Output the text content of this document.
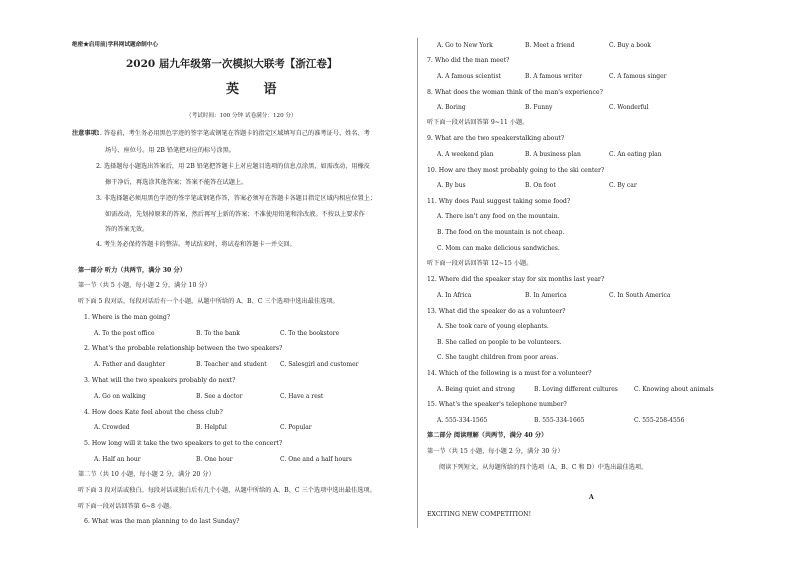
绝密★启用前|学科网试题命制中心
2020 届九年级第一次模拟大联考【浙江卷】
英 语
（考试时间：100 分钟 试卷满分：120 分）
注意事项：
1. 答卷前，考生务必用黑色字迹的签字笔或钢笔在答题卡的指定区域填写自己的准考证号、姓名、考
场号、座位号。用 2B 铅笔把对应的标号涂黑。
2. 选择题每小题选出答案后，用 2B 铅笔把答题卡上对应题目选项的信息点涂黑，如需改动，用橡皮
擦干净后，再选涂其他答案；答案不能答在试题上。
3. 非选择题必须用黑色字迹的签字笔或钢笔作答，答案必须写在答题卡各题目指定区域内相应位置上；
如需改动，先划掉原来的答案，然后再写上新的答案；不准使用铅笔和涂改液。不按以上要求作
答的答案无效。
4. 考生务必保持答题卡的整洁。考试结束时，将试卷和答题卡一并交回。
第一部分 听力（共两节，满分 30 分）
第一节（共 5 小题，每小题 2 分，满分 10 分）
听下面 5 段对话，每段对话后有一个小题，从题中所给的 A、B、C 三个选项中选出最佳选项。
1. Where is the man going?
A. To the post office	B. To the bank	C. To the bookstore
2. What's the probable relationship between the two speakers?
A. Father and daughter	B. Teacher and student C. Salesgirl and customer
3. What will the two speakers probably do next?
A. Go on walking	B. See a doctor	C. Have a rest
4. How does Kate feel about the chess club?
A. Crowded	B. Helpful	C. Popular
5. How long will it take the two speakers to get to the concert?
A. Half an hour	B. One hour	C. One and a half hours
第二节（共 10 小题，每小题 2 分，满分 20 分）
听下面 3 段对话或独白。每段对话或独白后有几个小题，从题中所给的 A、B、C 三个选项中选出最佳选项。
听下面一段对话回答第 6~8 小题。
6. What was the man planning to do last Sunday?
A. Go to New York	B. Meet a friend	C. Buy a book
7. Who did the man meet?
A. A famous scientist	B. A famous writer	C. A famous singer
8. What does the woman think of the man's experience?
A. Boring	B. Funny	C. Wonderful
听下面一段对话回答第 9~11 小题。
9. What are the two speakerstalking about?
A. A weekend plan	B. A business plan	C. An eating plan
10. How are they most probably going to the ski center?
A. By bus	B. On foot	C. By car
11. Why does Paul suggest taking some food?
A. There isn't any food on the mountain.
B. The food on the mountain is not cheap.
C. Mom can make delicious sandwiches.
听下面一段对话回答第 12~15 小题。
12. Where did the speaker stay for six months last year?
A. In Africa	B. In America	C. In South America
13. What did the speaker do as a volunteer?
A. She took care of young elephants.
B. She called on people to be volunteers.
C. She taught children from poor areas.
14. Which of the following is a must for a volunteer?
A. Being quiet and strong	B. Loving different cultures	C. Knowing about animals
15. What's the speaker's telephone number?
A. 555-334-1565	B. 555-334-1665	C. 555-258-4556
第二部分 阅读理解（共两节，满分 40 分）
第一节（共 15 小题，每小题 2 分，满分 30 分）
阅读下列短文，从每题所给的四个选项（A、B、C 和 D）中选出最佳选项。
A
EXCITING NEW COMPETITION!
